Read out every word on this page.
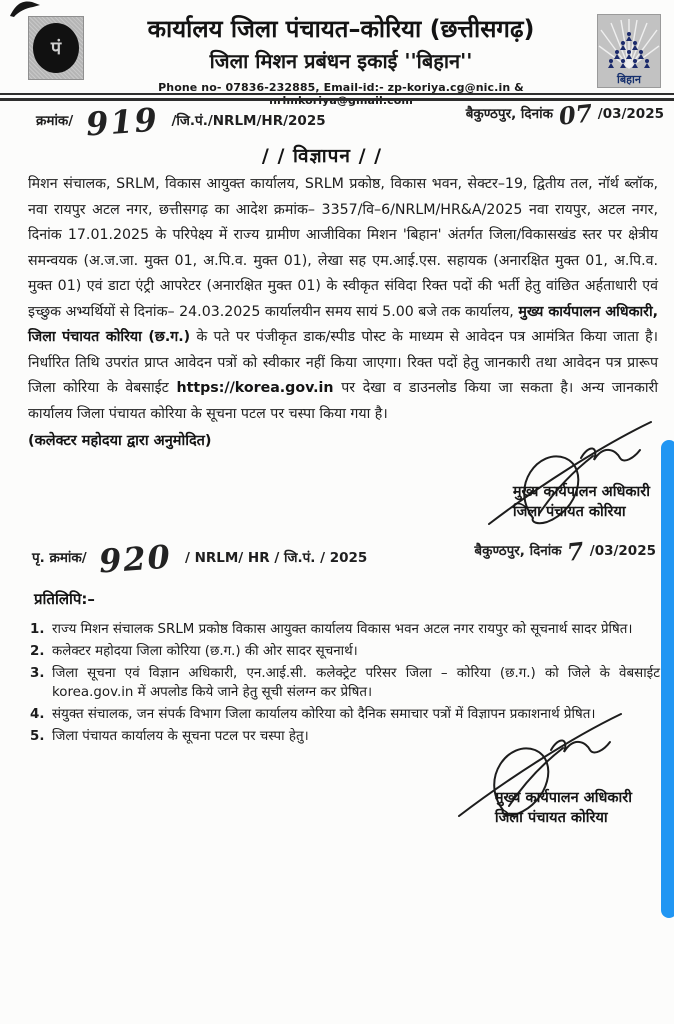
पं
बिहान
कार्यालय जिला पंचायत–कोरिया (छत्तीसगढ़)
जिला मिशन प्रबंधन इकाई ''बिहान''
Phone no- 07836-232885, Email-id:- zp-koriya.cg@nic.in & nrlmkoriya@gmail.com
क्रमांक/ 919 /जि.पं./NRLM/HR/2025	बैकुण्ठपुर, दिनांक 07 /03/2025
/ / विज्ञापन / /

मिशन संचालक, SRLM, विकास आयुक्त कार्यालय, SRLM प्रकोष्ठ, विकास भवन, सेक्टर–19, द्वितीय तल, नॉर्थ ब्लॉक, नवा रायपुर अटल नगर, छत्तीसगढ़ का आदेश क्रमांक– 3357/वि–6/NRLM/HR&A/2025 नवा रायपुर, अटल नगर, दिनांक 17.01.2025 के परिपेक्ष्य में राज्य ग्रामीण आजीविका मिशन 'बिहान' अंतर्गत जिला/विकासखंड स्तर पर क्षेत्रीय समन्वयक (अ.ज.जा. मुक्त 01, अ.पि.व. मुक्त 01), लेखा सह एम.आई.एस. सहायक (अनारक्षित मुक्त 01, अ.पि.व. मुक्त 01) एवं डाटा एंट्री आपरेटर (अनारक्षित मुक्त 01) के स्वीकृत संविदा रिक्त पदों की भर्ती हेतु वांछित अर्हताधारी एवं इच्छुक अभ्यर्थियों से दिनांक– 24.03.2025 कार्यालयीन समय सायं 5.00 बजे तक कार्यालय, मुख्य कार्यपालन अधिकारी, जिला पंचायत कोरिया (छ.ग.) के पते पर पंजीकृत डाक/स्पीड पोस्ट के माध्यम से आवेदन पत्र आमंत्रित किया जाता है। निर्धारित तिथि उपरांत प्राप्त आवेदन पत्रों को स्वीकार नहीं किया जाएगा। रिक्त पदों हेतु जानकारी तथा आवेदन पत्र प्रारूप जिला कोरिया के वेबसाईट https://korea.gov.in पर देखा व डाउनलोड किया जा सकता है। अन्य जानकारी कार्यालय जिला पंचायत कोरिया के सूचना पटल पर चस्पा किया गया है।

(कलेक्टर महोदया द्वारा अनुमोदित)
मुख्य कार्यपालन अधिकारी
जिला पंचायत कोरिया
पृ. क्रमांक/ 920 / NRLM/ HR / जि.पं. / 2025	बैकुण्ठपुर, दिनांक 7 /03/2025
प्रतिलिपि:–
1. राज्य मिशन संचालक SRLM प्रकोष्ठ विकास आयुक्त कार्यालय विकास भवन अटल नगर रायपुर को सूचनार्थ सादर प्रेषित।
2. कलेक्टर महोदया जिला कोरिया (छ.ग.) की ओर सादर सूचनार्थ।
3. जिला सूचना एवं विज्ञान अधिकारी, एन.आई.सी. कलेक्ट्रेट परिसर जिला – कोरिया (छ.ग.) को जिले के वेबसाईट korea.gov.in में अपलोड किये जाने हेतु सूची संलग्न कर प्रेषित।
4. संयुक्त संचालक, जन संपर्क विभाग जिला कार्यालय कोरिया को दैनिक समाचार पत्रों में विज्ञापन प्रकाशनार्थ प्रेषित।
5. जिला पंचायत कार्यालय के सूचना पटल पर चस्पा हेतु।
मुख्य कार्यपालन अधिकारी
जिला पंचायत कोरिया
